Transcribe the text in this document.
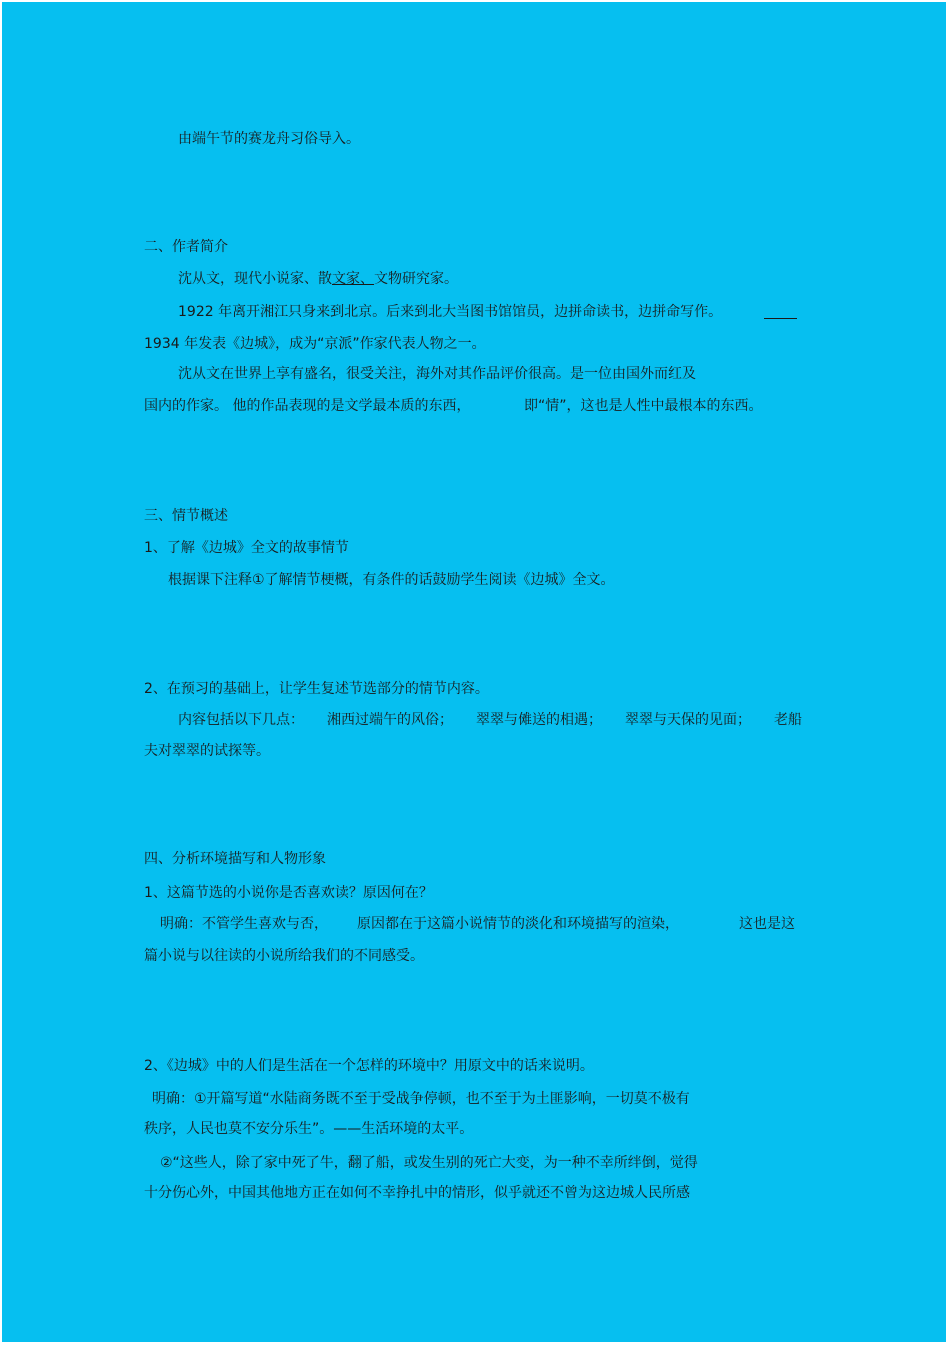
由端午节的赛龙舟习俗导入。
二、作者简介
沈从文，现代小说家、散文家、文物研究家。
1922 年离开湘江只身来到北京。后来到北大当图书馆馆员，边拼命读书，边拼命写作。
1934 年发表《边城》，成为“京派”作家代表人物之一。
沈从文在世界上享有盛名，很受关注，海外对其作品评价很高。是一位由国外而红及
国内的作家。 他的作品表现的是文学最本质的东西，	即“情”，这也是人性中最根本的东西。
三、情节概述
1、了解《边城》全文的故事情节
根据课下注释①了解情节梗概，有条件的话鼓励学生阅读《边城》全文。
2、在预习的基础上，让学生复述节选部分的情节内容。
内容包括以下几点： 湘西过端午的风俗； 翠翠与傩送的相遇； 翠翠与天保的见面； 老船
夫对翠翠的试探等。
四、分析环境描写和人物形象
1、这篇节选的小说你是否喜欢读？原因何在？
明确：不管学生喜欢与否， 原因都在于这篇小说情节的淡化和环境描写的渲染，	这也是这
篇小说与以往读的小说所给我们的不同感受。
2、《边城》中的人们是生活在一个怎样的环境中？用原文中的话来说明。
明确：①开篇写道“水陆商务既不至于受战争停顿，也不至于为土匪影响，一切莫不极有
秩序，人民也莫不安分乐生”。——生活环境的太平。
②“这些人，除了家中死了牛，翻了船，或发生别的死亡大变，为一种不幸所绊倒，觉得
十分伤心外，中国其他地方正在如何不幸挣扎中的情形，似乎就还不曾为这边城人民所感
